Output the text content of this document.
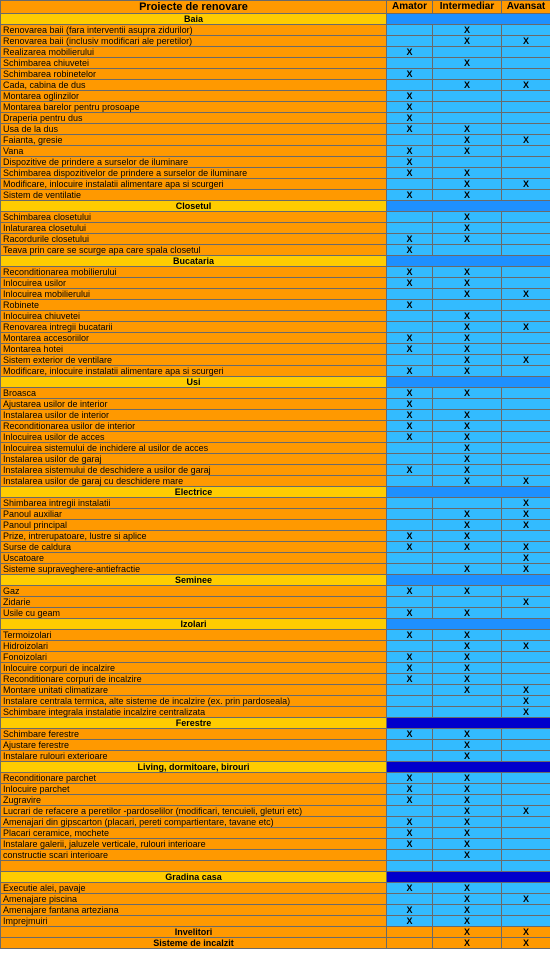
Proiecte de renovare	Amator	Intermediar	Avansat
Baia			
Renovarea baii (fara interventii asupra zidurilor)		X	
Renovarea baii (inclusiv modificari ale peretilor)		X	X
Realizarea mobilierului	X		
Schimbarea chiuvetei		X	
Schimbarea robinetelor	X		
Cada, cabina de dus		X	X
Montarea oglinzilor	X		
Montarea barelor pentru prosoape	X		
Draperia pentru dus	X		
Usa de la dus	X	X	
Faianta, gresie		X	X
Vana	X	X	
Dispozitive de prindere a surselor de iluminare	X		
Schimbarea dispozitivelor de prindere a surselor de iluminare	X	X	
Modificare, inlocuire instalatii alimentare apa si scurgeri		X	X
Sistem de ventilatie	X	X	
Closetul			
Schimbarea closetului		X	
Inlaturarea closetului		X	
Racordurile closetului	X	X	
Teava prin care se scurge apa care spala closetul	X		
Bucataria			
Reconditionarea mobilierului	X	X	
Inlocuirea usilor	X	X	
Inlocuirea mobilierului		X	X
Robinete	X		
Inlocuirea chiuvetei		X	
Renovarea intregii bucatarii		X	X
Montarea accesoriilor	X	X	
Montarea hotei	X	X	
Sistem exterior de ventilare		X	X
Modificare, inlocuire instalatii alimentare apa si scurgeri	X	X	
Usi			
Broasca	X	X	
Ajustarea usilor de interior	X		
Instalarea usilor de interior	X	X	
Reconditionarea usilor de interior	X	X	
Inlocuirea usilor de acces	X	X	
Inlocuirea sistemului de inchidere al usilor de acces		X	
Instalarea usilor de garaj		X	
Instalarea sistemului de deschidere a usilor de garaj	X	X	
Instalarea usilor de garaj cu deschidere mare		X	X
Electrice			
Shimbarea intregii instalatii			X
Panoul auxiliar		X	X
Panoul principal		X	X
Prize, intrerupatoare, lustre si aplice	X	X	
Surse de caldura	X	X	X
Uscatoare			X
Sisteme supraveghere-antiefractie		X	X
Seminee			
Gaz	X	X	
Zidarie			X
Usile cu geam	X	X	
Izolari			
Termoizolari	X	X	
Hidroizolari		X	X
Fonoizolari	X	X	
Inlocuire corpuri de incalzire	X	X	
Reconditionare corpuri de incalzire	X	X	
Montare unitati climatizare		X	X
Instalare centrala termica, alte sisteme de incalzire (ex. prin pardoseala)			X
Schimbare integrala instalatie incalzire centralizata			X
Ferestre			
Schimbare ferestre	X	X	
Ajustare ferestre		X	
Instalare rulouri exterioare		X	
Living, dormitoare, birouri			
Reconditionare parchet	X	X	
Inlocuire parchet	X	X	
Zugravire	X	X	
Lucrari de refacere a peretilor -pardoselilor (modificari, tencuieli, gleturi etc)		X	X
Amenajari din gipscarton (placari, pereti compartientare, tavane etc)	X	X	
Placari ceramice, mochete	X	X	
Instalare galerii, jaluzele verticale, rulouri interioare	X	X	
constructie scari interioare		X	

Gradina casa			
Executie alei, pavaje	X	X	
Amenajare piscina		X	X
Amenajare fantana arteziana	X	X	
Imprejmuiri	X	X	
Invelitori		X	X
Sisteme de incalzit		X	X
